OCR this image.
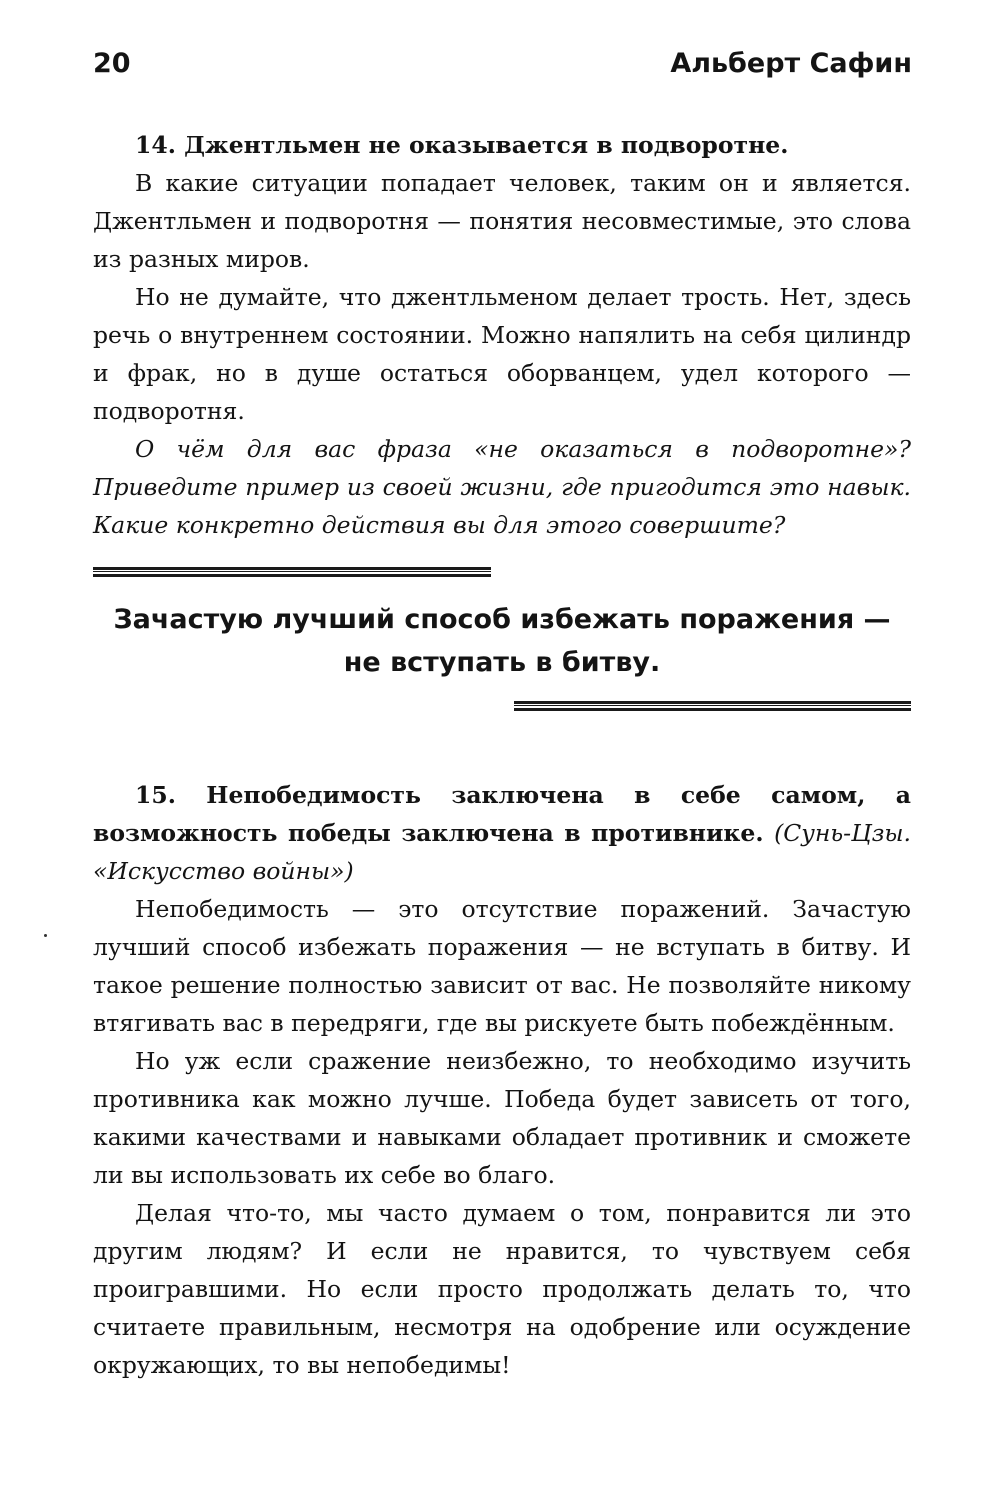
20	Альберт Сафин

14. Джентльмен не оказывается в подворотне.

В какие ситуации попадает человек, таким он и является. Джентльмен и подворотня — понятия несовместимые, это слова из разных миров.

Но не думайте, что джентльменом делает трость. Нет, здесь речь о внутреннем состоянии. Можно напялить на себя цилиндр и фрак, но в душе остаться оборванцем, удел которого — подворотня.

О чём для вас фраза «не оказаться в подворотне»? Приведите пример из своей жизни, где пригодится это навык. Какие конкретно действия вы для этого совершите?

Зачастую лучший способ избежать поражения —
не вступать в битву.

15. Непобедимость заключена в себе самом, а возможность победы заключена в противнике. (Сунь-Цзы. «Искусство войны»)

Непобедимость — это отсутствие поражений. Зачастую лучший способ избежать поражения — не вступать в битву. И такое решение полностью зависит от вас. Не позволяйте никому втягивать вас в передряги, где вы рискуете быть побеждённым.

Но уж если сражение неизбежно, то необходимо изучить противника как можно лучше. Победа будет зависеть от того, какими качествами и навыками обладает противник и сможете ли вы использовать их себе во благо.

Делая что-то, мы часто думаем о том, понравится ли это другим людям? И если не нравится, то чувствуем себя проигравшими. Но если просто продолжать делать то, что считаете правильным, несмотря на одобрение или осуждение окружающих, то вы непобедимы!
